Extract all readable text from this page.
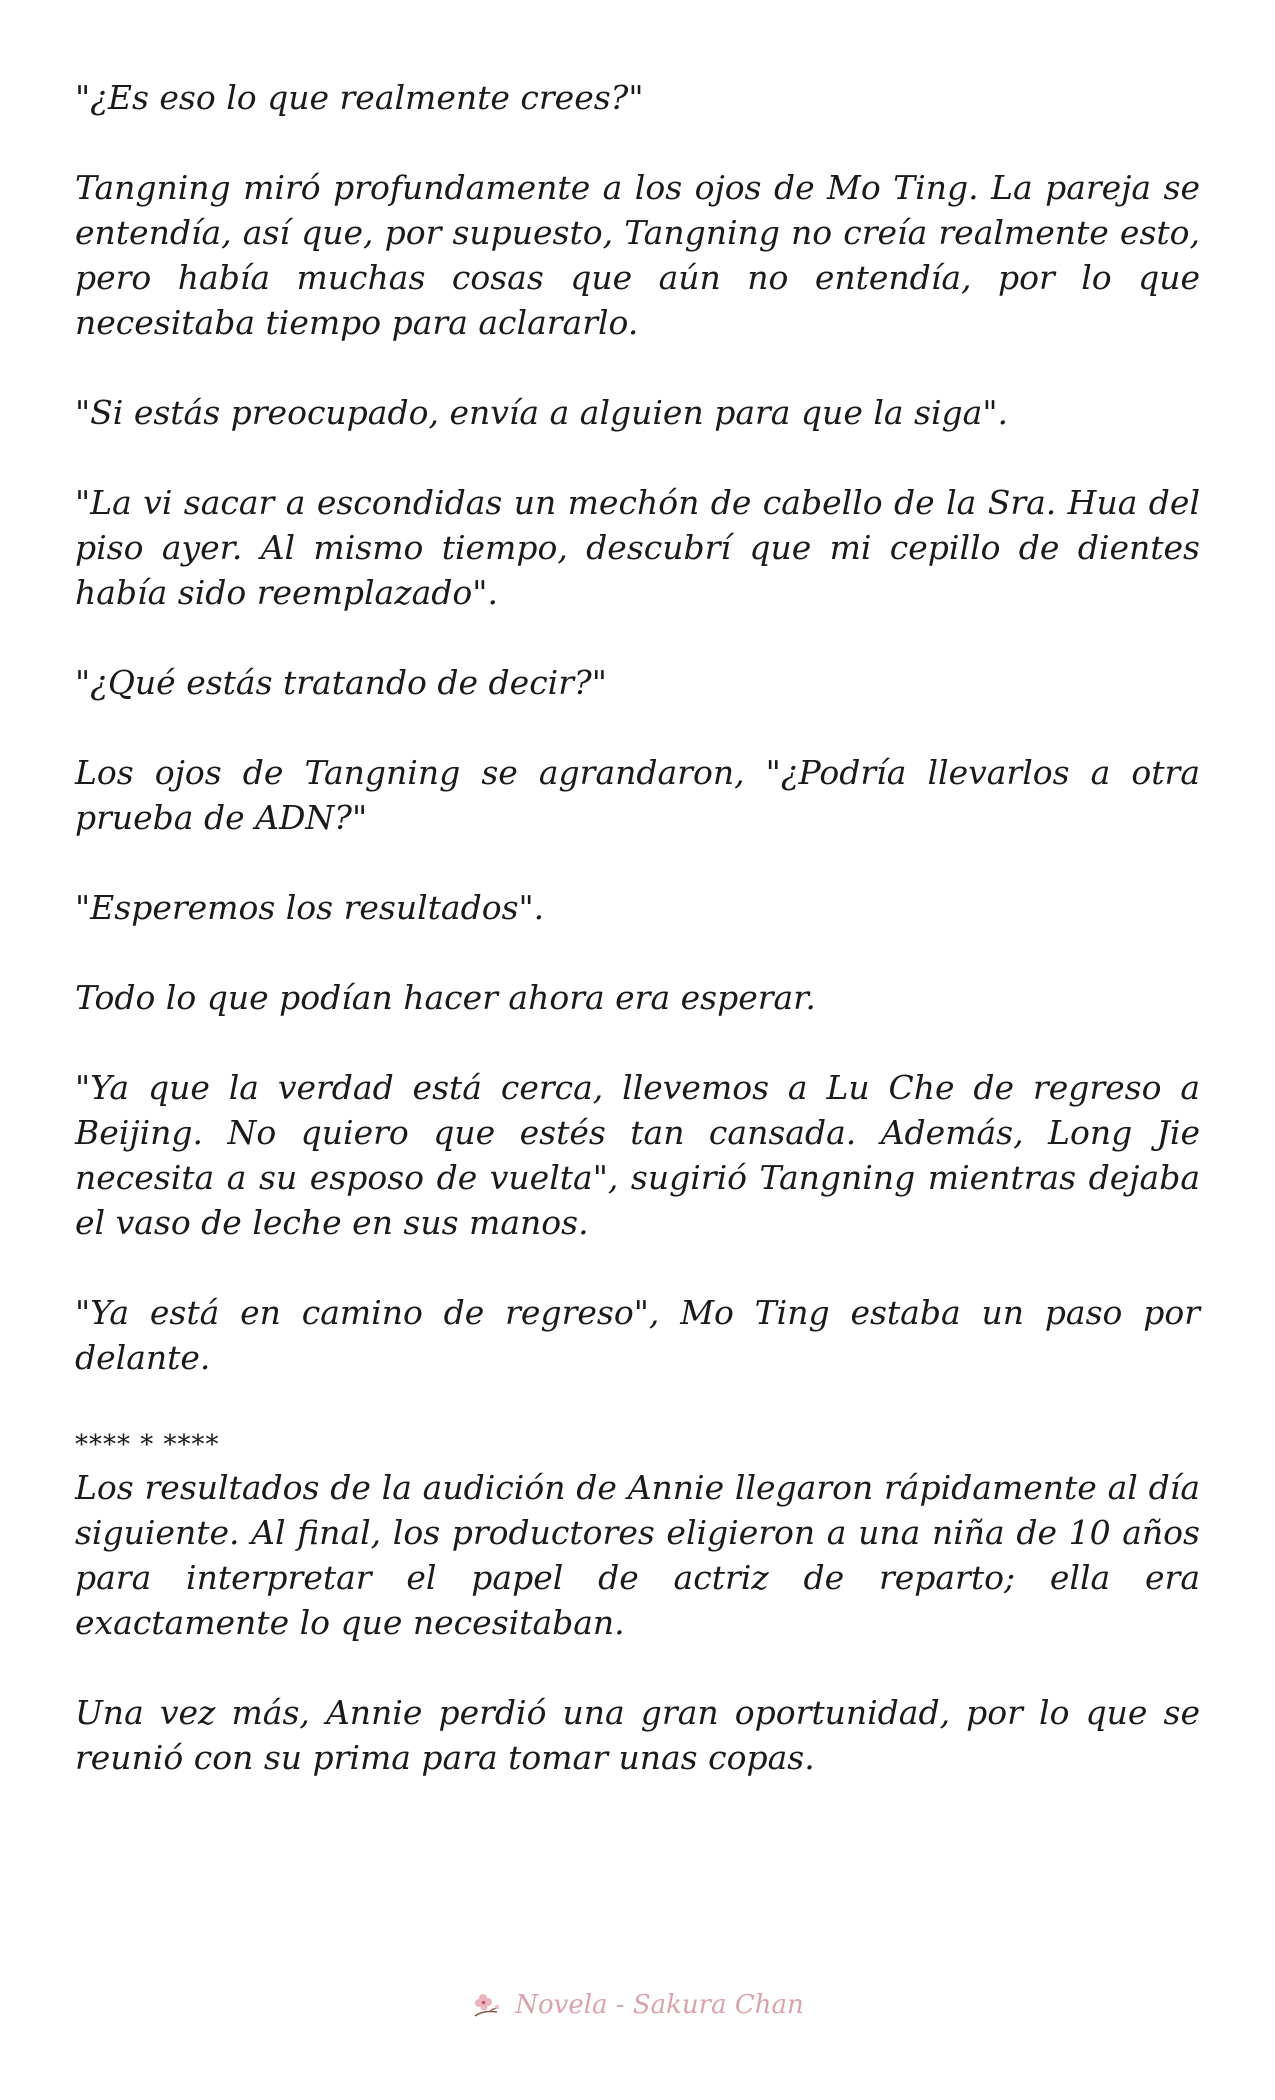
"¿Es eso lo que realmente crees?"

Tangning miró profundamente a los ojos de Mo Ting. La pareja se entendía, así que, por supuesto, Tangning no creía realmente esto, pero había muchas cosas que aún no entendía, por lo que necesitaba tiempo para aclararlo.

"Si estás preocupado, envía a alguien para que la siga".

"La vi sacar a escondidas un mechón de cabello de la Sra. Hua del piso ayer. Al mismo tiempo, descubrí que mi cepillo de dientes había sido reemplazado".

"¿Qué estás tratando de decir?"

Los ojos de Tangning se agrandaron, "¿Podría llevarlos a otra prueba de ADN?"

"Esperemos los resultados".

Todo lo que podían hacer ahora era esperar.

"Ya que la verdad está cerca, llevemos a Lu Che de regreso a Beijing. No quiero que estés tan cansada. Además, Long Jie necesita a su esposo de vuelta", sugirió Tangning mientras dejaba el vaso de leche en sus manos.

"Ya está en camino de regreso", Mo Ting estaba un paso por delante.

**** * ****

Los resultados de la audición de Annie llegaron rápidamente al día siguiente. Al final, los productores eligieron a una niña de 10 años para interpretar el papel de actriz de reparto; ella era exactamente lo que necesitaban.

Una vez más, Annie perdió una gran oportunidad, por lo que se reunió con su prima para tomar unas copas.

Novela - Sakura Chan
